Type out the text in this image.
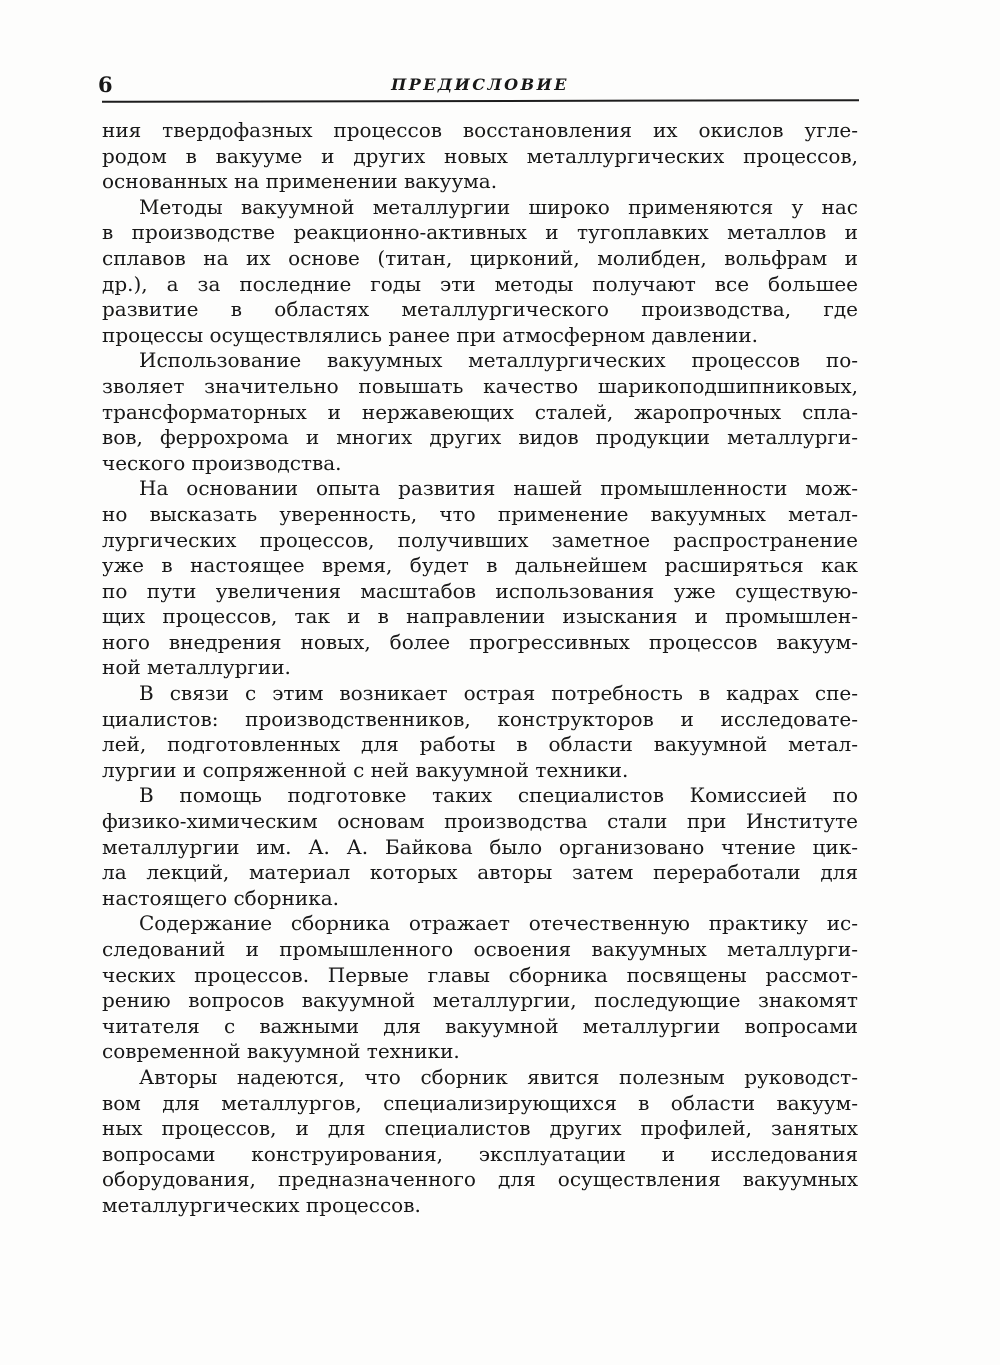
6	ПРЕДИСЛОВИЕ
ния твердофазных процессов восстановления их окислов угле-
родом в вакууме и других новых металлургических процессов,
основанных на применении вакуума.
Методы вакуумной металлургии широко применяются у нас
в производстве реакционно-активных и тугоплавких металлов и
сплавов на их основе (титан, цирконий, молибден, вольфрам и
др.), а за последние годы эти методы получают все большее
развитие в областях металлургического производства, где
процессы осуществлялись ранее при атмосферном давлении.
Использование вакуумных металлургических процессов по-
зволяет значительно повышать качество шарикоподшипниковых,
трансформаторных и нержавеющих сталей, жаропрочных спла-
вов, феррохрома и многих других видов продукции металлурги-
ческого производства.
На основании опыта развития нашей промышленности мож-
но высказать уверенность, что применение вакуумных метал-
лургических процессов, получивших заметное распространение
уже в настоящее время, будет в дальнейшем расширяться как
по пути увеличения масштабов использования уже существую-
щих процессов, так и в направлении изыскания и промышлен-
ного внедрения новых, более прогрессивных процессов вакуум-
ной металлургии.
В связи с этим возникает острая потребность в кадрах спе-
циалистов: производственников, конструкторов и исследовате-
лей, подготовленных для работы в области вакуумной метал-
лургии и сопряженной с ней вакуумной техники.
В помощь подготовке таких специалистов Комиссией по
физико-химическим основам производства стали при Институте
металлургии им. А. А. Байкова было организовано чтение цик-
ла лекций, материал которых авторы затем переработали для
настоящего сборника.
Содержание сборника отражает отечественную практику ис-
следований и промышленного освоения вакуумных металлурги-
ческих процессов. Первые главы сборника посвящены рассмот-
рению вопросов вакуумной металлургии, последующие знакомят
читателя с важными для вакуумной металлургии вопросами
современной вакуумной техники.
Авторы надеются, что сборник явится полезным руководст-
вом для металлургов, специализирующихся в области вакуум-
ных процессов, и для специалистов других профилей, занятых
вопросами конструирования, эксплуатации и исследования
оборудования, предназначенного для осуществления вакуумных
металлургических процессов.
